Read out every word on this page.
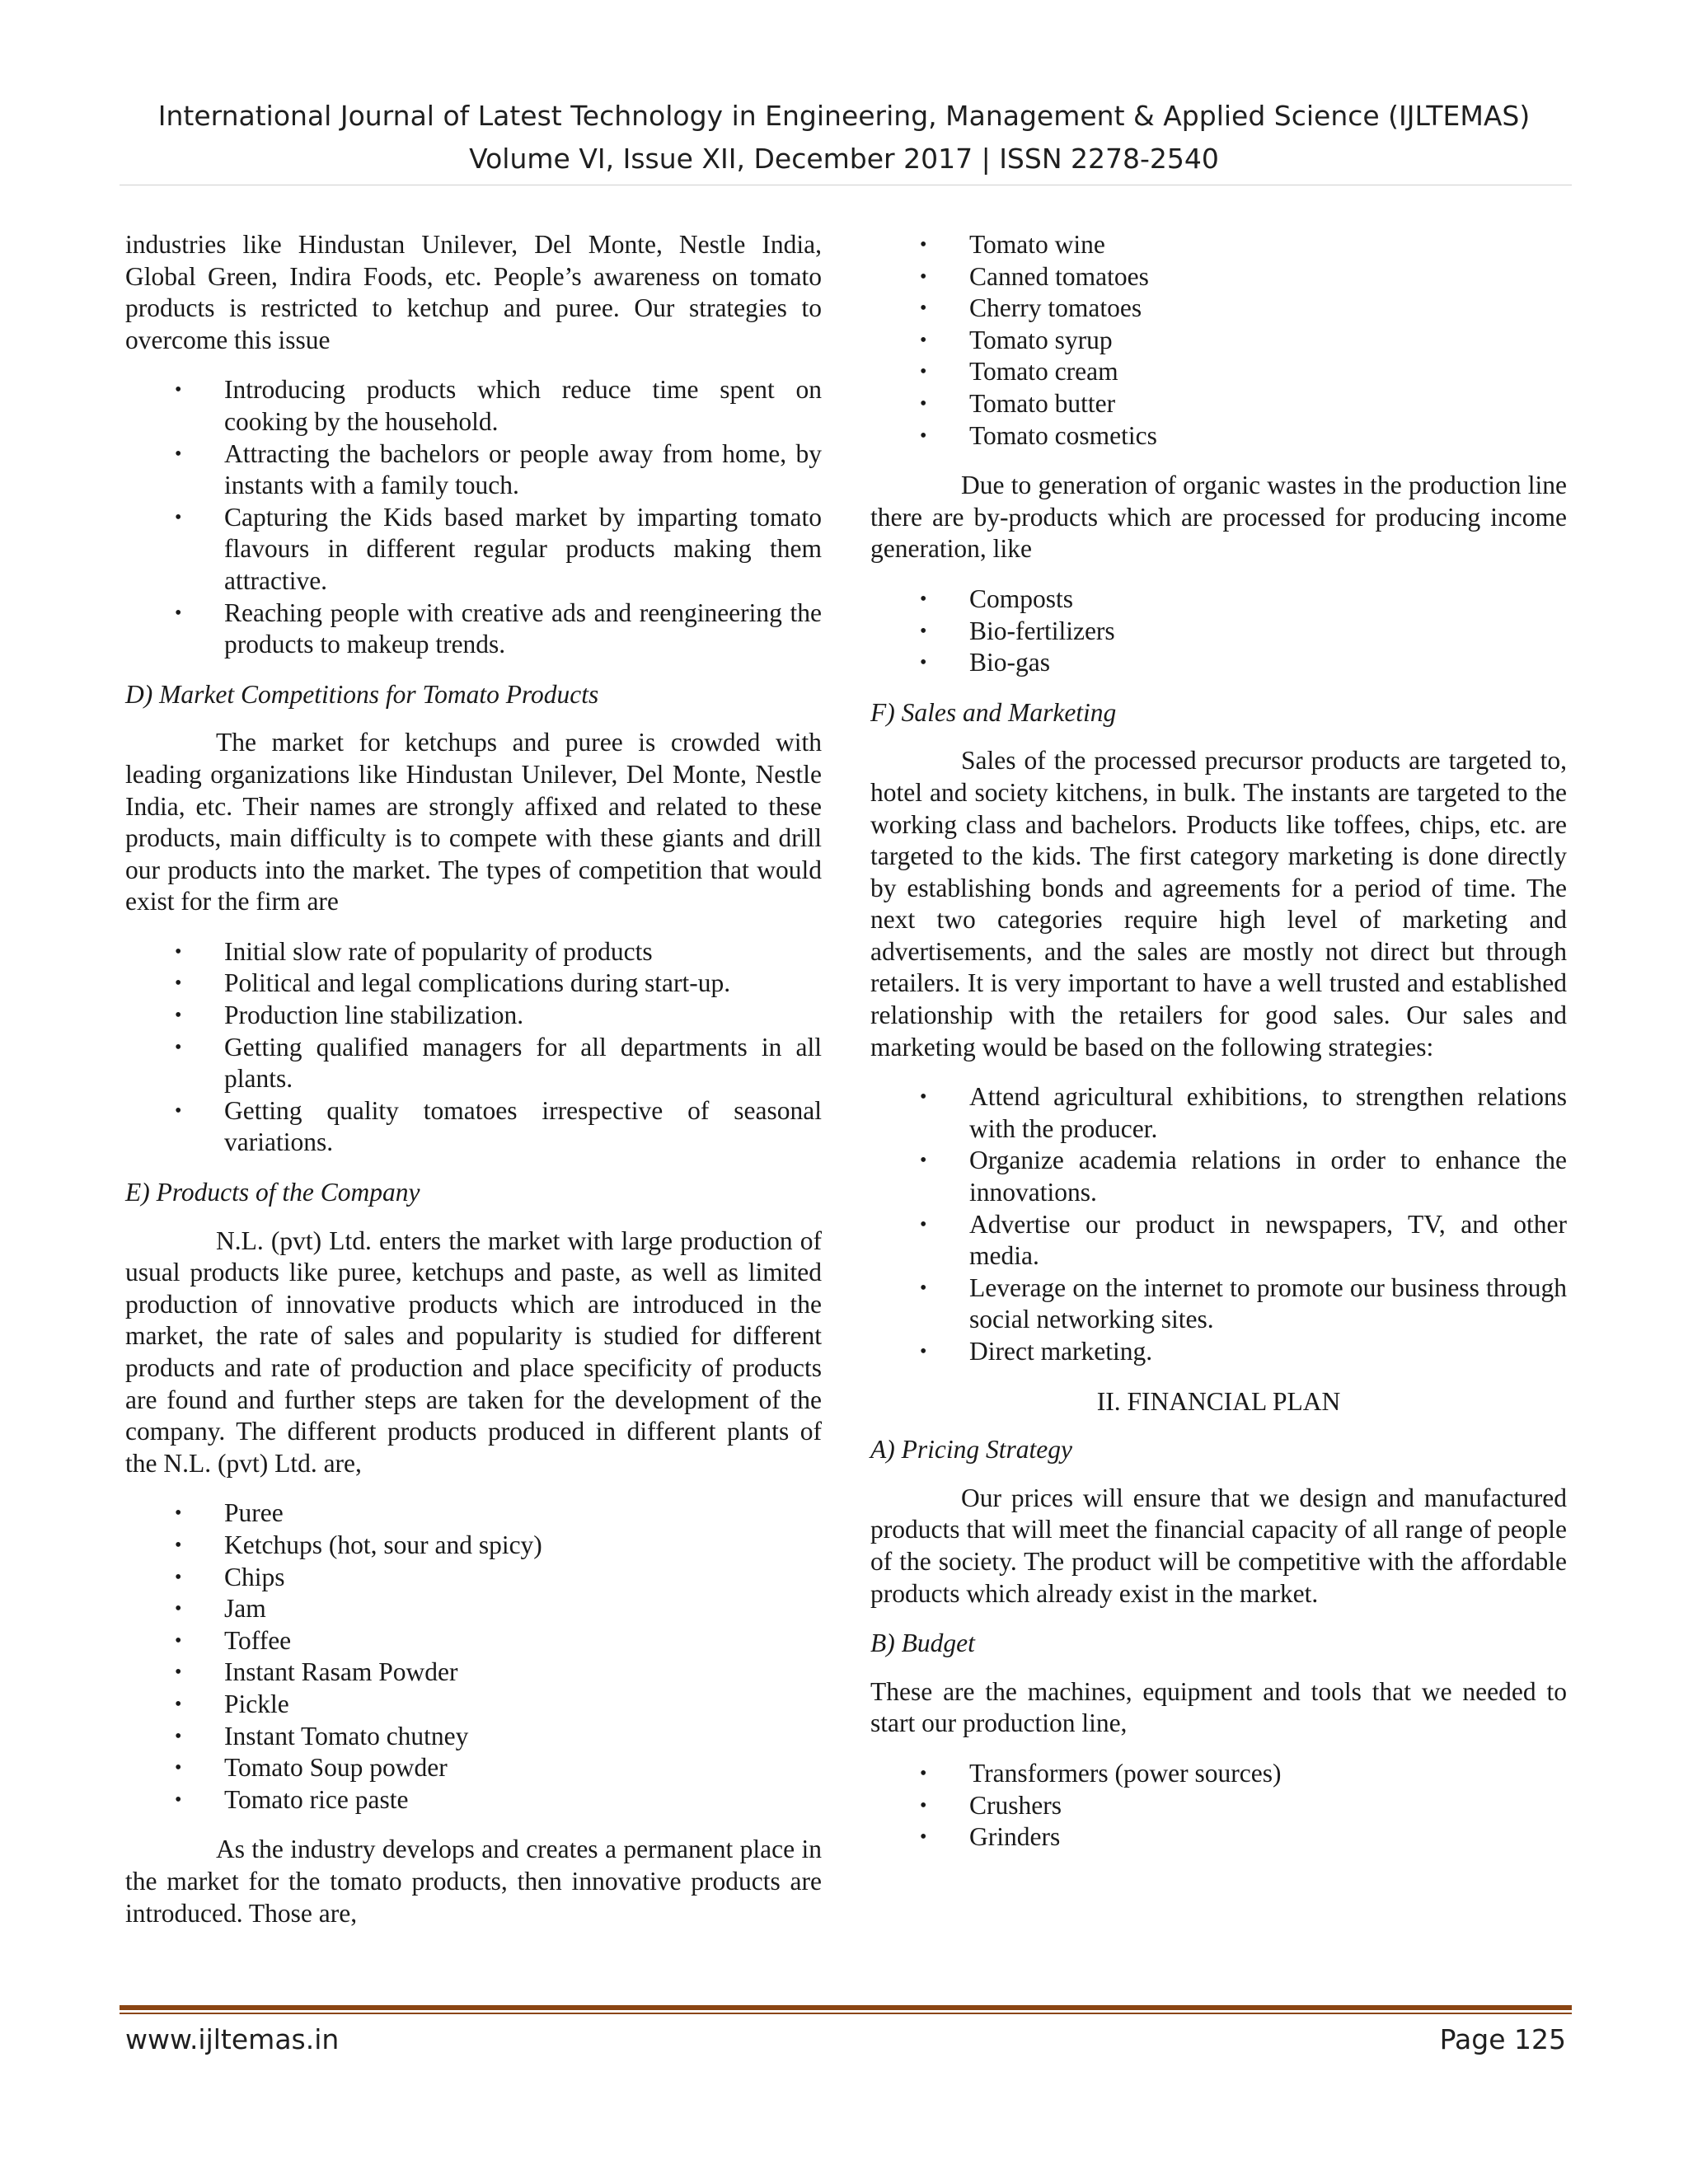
International Journal of Latest Technology in Engineering, Management & Applied Science (IJLTEMAS)
Volume VI, Issue XII, December 2017 | ISSN 2278-2540

industries like Hindustan Unilever, Del Monte, Nestle India, Global Green, Indira Foods, etc. People’s awareness on tomato products is restricted to ketchup and puree. Our strategies to overcome this issue

• Introducing products which reduce time spent on cooking by the household.
• Attracting the bachelors or people away from home, by instants with a family touch.
• Capturing the Kids based market by imparting tomato flavours in different regular products making them attractive.
• Reaching people with creative ads and reengineering the products to makeup trends.

D) Market Competitions for Tomato Products

The market for ketchups and puree is crowded with leading organizations like Hindustan Unilever, Del Monte, Nestle India, etc. Their names are strongly affixed and related to these products, main difficulty is to compete with these giants and drill our products into the market. The types of competition that would exist for the firm are

• Initial slow rate of popularity of products
• Political and legal complications during start-up.
• Production line stabilization.
• Getting qualified managers for all departments in all plants.
• Getting quality tomatoes irrespective of seasonal variations.

E) Products of the Company

N.L. (pvt) Ltd. enters the market with large production of usual products like puree, ketchups and paste, as well as limited production of innovative products which are introduced in the market, the rate of sales and popularity is studied for different products and rate of production and place specificity of products are found and further steps are taken for the development of the company. The different products produced in different plants of the N.L. (pvt) Ltd. are,

• Puree
• Ketchups (hot, sour and spicy)
• Chips
• Jam
• Toffee
• Instant Rasam Powder
• Pickle
• Instant Tomato chutney
• Tomato Soup powder
• Tomato rice paste

As the industry develops and creates a permanent place in the market for the tomato products, then innovative products are introduced. Those are,

• Tomato wine
• Canned tomatoes
• Cherry tomatoes
• Tomato syrup
• Tomato cream
• Tomato butter
• Tomato cosmetics

Due to generation of organic wastes in the production line there are by-products which are processed for producing income generation, like

• Composts
• Bio-fertilizers
• Bio-gas

F) Sales and Marketing

Sales of the processed precursor products are targeted to, hotel and society kitchens, in bulk. The instants are targeted to the working class and bachelors. Products like toffees, chips, etc. are targeted to the kids. The first category marketing is done directly by establishing bonds and agreements for a period of time. The next two categories require high level of marketing and advertisements, and the sales are mostly not direct but through retailers. It is very important to have a well trusted and established relationship with the retailers for good sales. Our sales and marketing would be based on the following strategies:

• Attend agricultural exhibitions, to strengthen relations with the producer.
• Organize academia relations in order to enhance the innovations.
• Advertise our product in newspapers, TV, and other media.
• Leverage on the internet to promote our business through social networking sites.
• Direct marketing.

II. FINANCIAL PLAN

A) Pricing Strategy

Our prices will ensure that we design and manufactured products that will meet the financial capacity of all range of people of the society. The product will be competitive with the affordable products which already exist in the market.

B) Budget

These are the machines, equipment and tools that we needed to start our production line,

• Transformers (power sources)
• Crushers
• Grinders
www.ijltemas.in	Page 125
